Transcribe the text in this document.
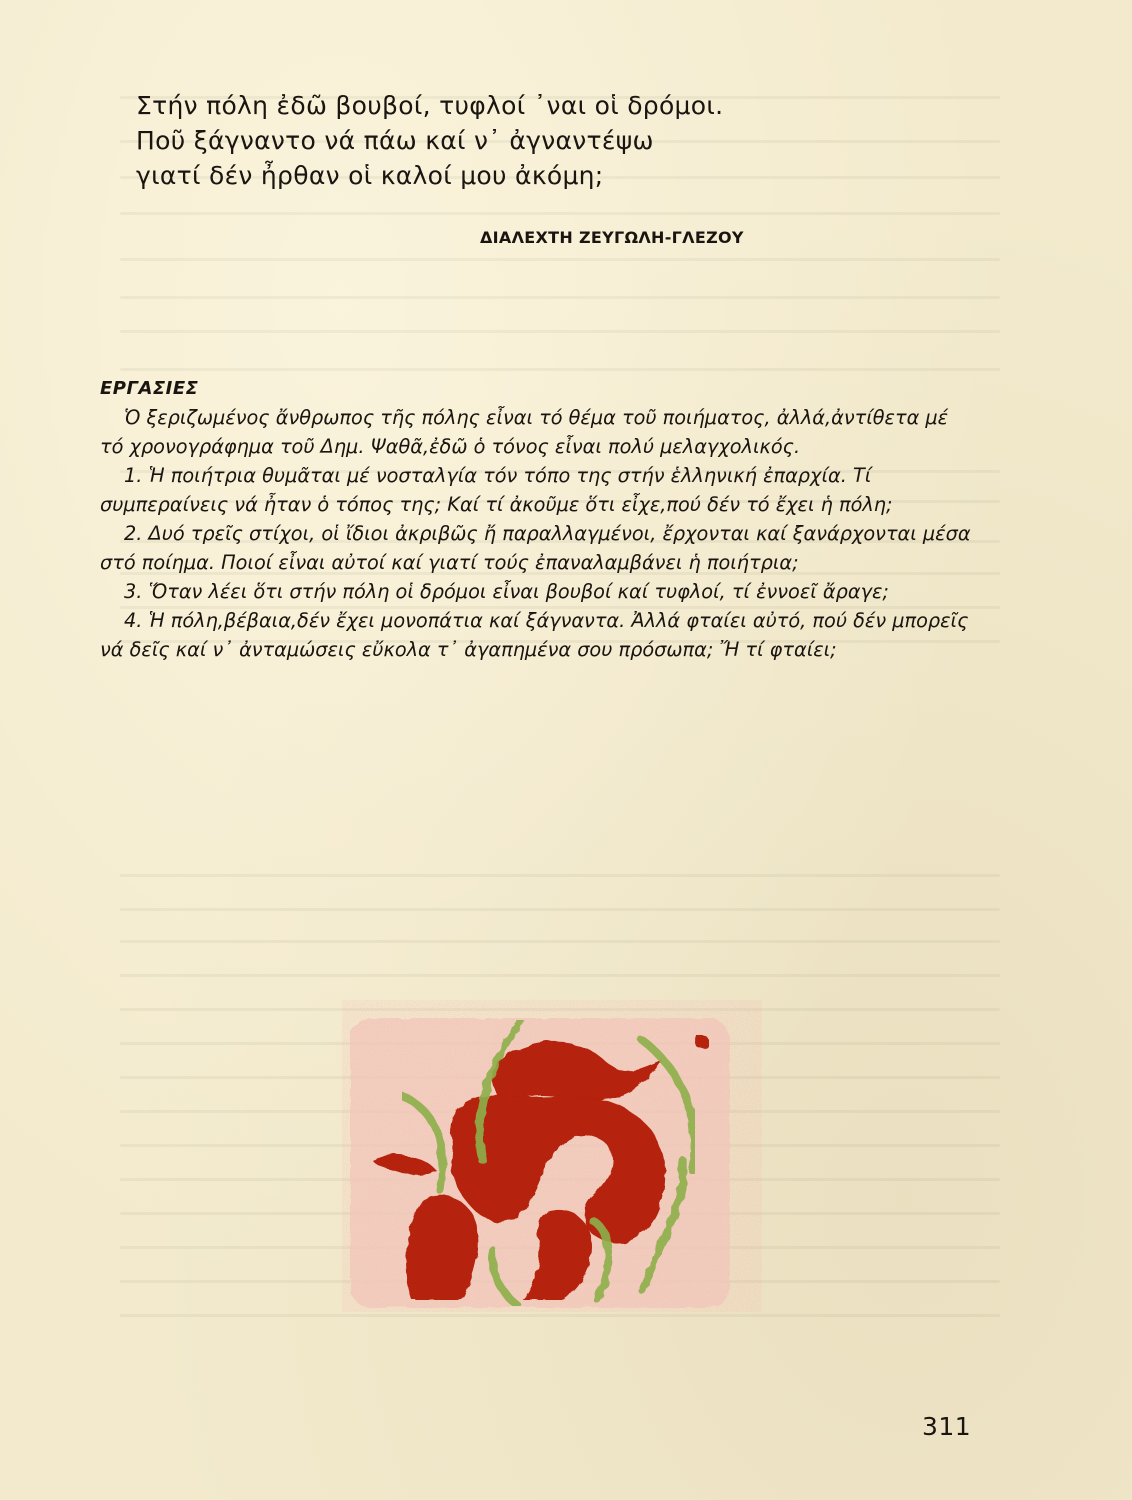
Στήν πόλη ἐδῶ βουβοί, τυφλοί ᾿ναι οἱ δρόμοι.
Ποῦ ξάγναντο νά πάω καί ν᾿ ἀγναντέψω
γιατί δέν ἦρθαν οἱ καλοί μου ἀκόμη;
ΔΙΑΛΕΧΤΗ ΖΕΥΓΩΛΗ-ΓΛΕΖΟΥ
ΕΡΓΑΣΙΕΣ

Ὁ ξεριζωμένος ἄνθρωπος τῆς πόλης εἶναι τό θέμα τοῦ ποιήματος, ἀλλά,ἀντίθετα μέ τό χρονογράφημα τοῦ Δημ. Ψαθᾶ,ἐδῶ ὁ τόνος εἶναι πολύ μελαγχολικός.

1. Ἡ ποιήτρια θυμᾶται μέ νοσταλγία τόν τόπο της στήν ἑλληνική ἐπαρχία. Τί συμπεραίνεις νά ἦταν ὁ τόπος της; Καί τί ἀκοῦμε ὅτι εἶχε,πού δέν τό ἔχει ἡ πόλη;

2. Δυό τρεῖς στίχοι, οἱ ἴδιοι ἀκριβῶς ἤ παραλλαγμένοι, ἔρχονται καί ξανάρχονται μέσα στό ποίημα. Ποιοί εἶναι αὐτοί καί γιατί τούς ἐπαναλαμβάνει ἡ ποιήτρια;

3. Ὅταν λέει ὅτι στήν πόλη οἱ δρόμοι εἶναι βουβοί καί τυφλοί, τί ἐννοεῖ ἄραγε;

4. Ἡ πόλη,βέβαια,δέν ἔχει μονοπάτια καί ξάγναντα. Ἀλλά φταίει αὐτό, πού δέν μπορεῖς νά δεῖς καί ν᾿ ἀνταμώσεις εὔκολα τ᾿ ἀγαπημένα σου πρόσωπα; Ἤ τί φταίει;

311
